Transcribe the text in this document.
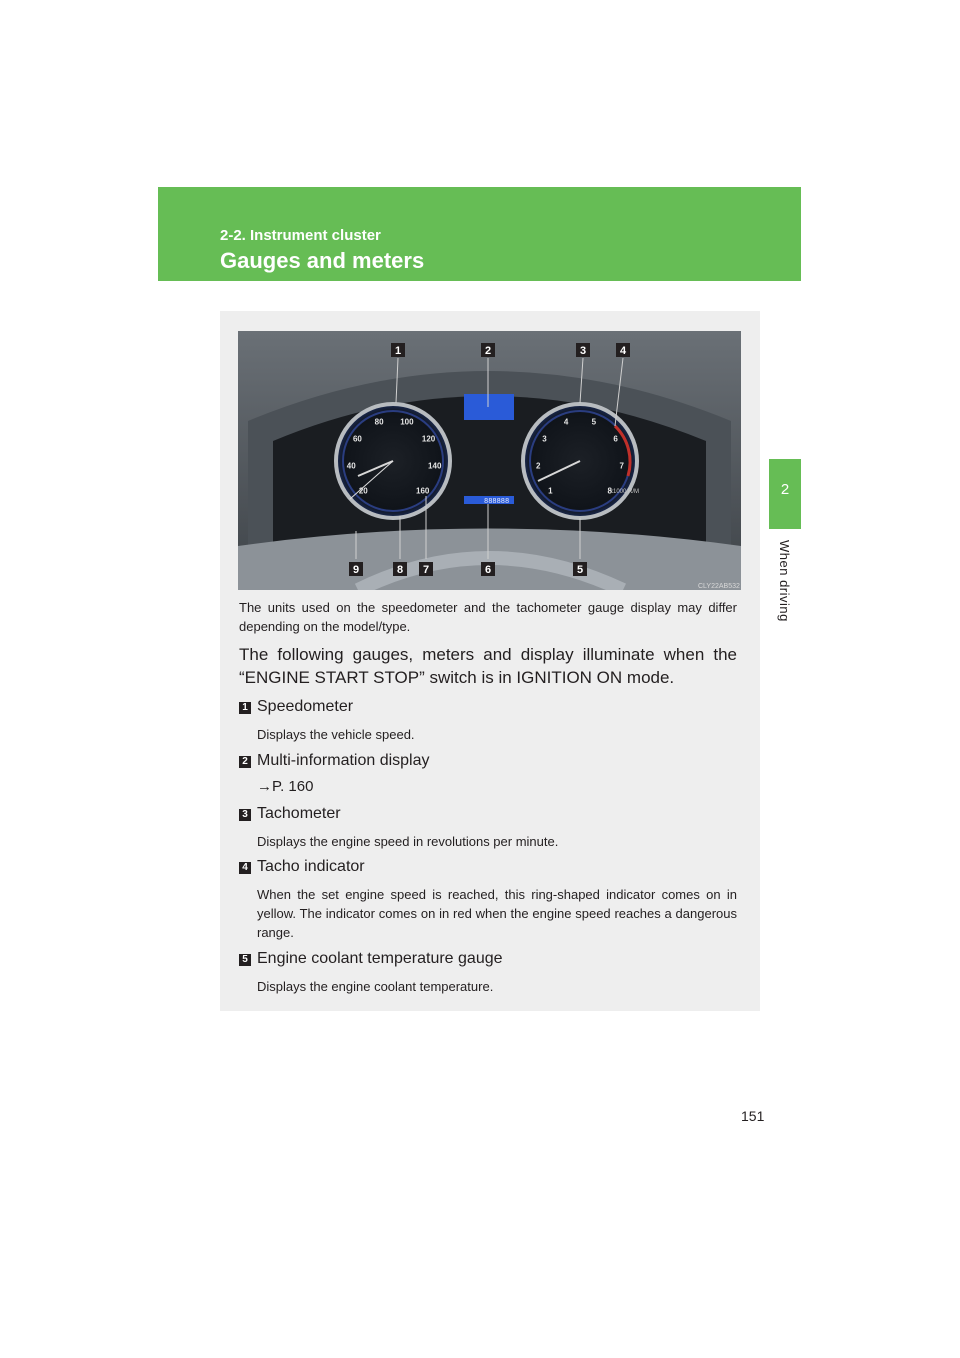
2-2. Instrument cluster
Gauges and meters
2
When driving
20
40
60
80 100
120
140
160	1
2
3
4	5
6
7
8
x1000 R/M
888888
1	2	3	4
5
6
7
8
9
CLY22AB532
The units used on the speedometer and the tachometer gauge display may differ depending on the model/type.
The following gauges, meters and display illuminate when the “ENGINE START STOP” switch is in IGNITION ON mode.
1 Speedometer
Displays the vehicle speed.
2 Multi-information display
→P. 160
3 Tachometer
Displays the engine speed in revolutions per minute.
4 Tacho indicator
When the set engine speed is reached, this ring-shaped indicator comes on in yellow. The indicator comes on in red when the engine speed reaches a dangerous range.
5 Engine coolant temperature gauge
Displays the engine coolant temperature.
151
